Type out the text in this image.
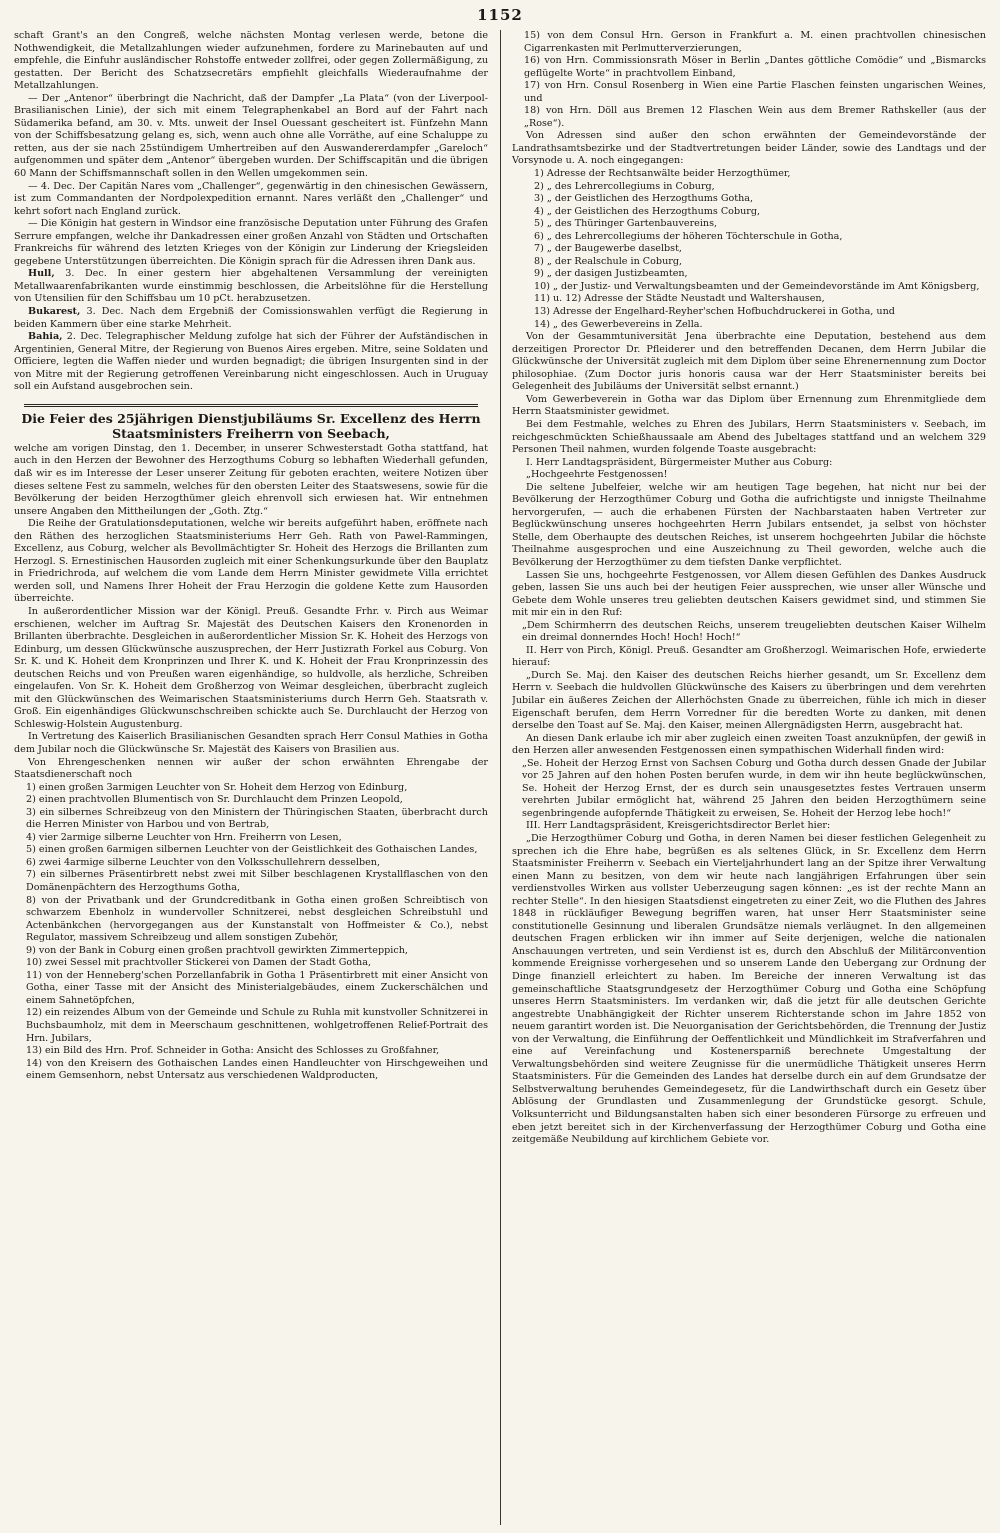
1152

schaft Grant's an den Congreß, welche nächsten Montag verlesen werde, betone die Nothwendigkeit, die Metallzahlungen wieder aufzunehmen, fordere zu Marinebauten auf und empfehle, die Einfuhr ausländischer Rohstoffe entweder zollfrei, oder gegen Zollermäßigung, zu gestatten. Der Bericht des Schatzsecretärs empfiehlt gleichfalls Wiederaufnahme der Metallzahlungen.

— Der „Antenor“ überbringt die Nachricht, daß der Dampfer „La Plata“ (von der Liverpool-Brasilianischen Linie), der sich mit einem Telegraphenkabel an Bord auf der Fahrt nach Südamerika befand, am 30. v. Mts. unweit der Insel Ouessant gescheitert ist. Fünfzehn Mann von der Schiffsbesatzung gelang es, sich, wenn auch ohne alle Vorräthe, auf eine Schaluppe zu retten, aus der sie nach 25stündigem Umhertreiben auf den Auswandererdampfer „Gareloch“ aufgenommen und später dem „Antenor“ übergeben wurden. Der Schiffscapitän und die übrigen 60 Mann der Schiffsmannschaft sollen in den Wellen umgekommen sein.

— 4. Dec. Der Capitän Nares vom „Challenger“, gegenwärtig in den chinesischen Gewässern, ist zum Commandanten der Nordpolexpedition ernannt. Nares verläßt den „Challenger“ und kehrt sofort nach England zurück.

— Die Königin hat gestern in Windsor eine französische Deputation unter Führung des Grafen Serrure empfangen, welche ihr Dankadressen einer großen Anzahl von Städten und Ortschaften Frankreichs für während des letzten Krieges von der Königin zur Linderung der Kriegsleiden gegebene Unterstützungen überreichten. Die Königin sprach für die Adressen ihren Dank aus.

Hull, 3. Dec. In einer gestern hier abgehaltenen Versammlung der vereinigten Metallwaarenfabrikanten wurde einstimmig beschlossen, die Arbeitslöhne für die Herstellung von Utensilien für den Schiffsbau um 10 pCt. herabzusetzen.

Bukarest, 3. Dec. Nach dem Ergebniß der Comissionswahlen verfügt die Regierung in beiden Kammern über eine starke Mehrheit.

Bahia, 2. Dec. Telegraphischer Meldung zufolge hat sich der Führer der Aufständischen in Argentinien, General Mitre, der Regierung von Buenos Aires ergeben. Mitre, seine Soldaten und Officiere, legten die Waffen nieder und wurden begnadigt; die übrigen Insurgenten sind in der von Mitre mit der Regierung getroffenen Vereinbarung nicht eingeschlossen. Auch in Uruguay soll ein Aufstand ausgebrochen sein.

Die Feier des 25jährigen Dienstjubiläums Sr. Excellenz des Herrn Staatsministers Freiherrn von Seebach,

welche am vorigen Dinstag, den 1. December, in unserer Schwesterstadt Gotha stattfand, hat auch in den Herzen der Bewohner des Herzogthums Coburg so lebhaften Wiederhall gefunden, daß wir es im Interesse der Leser unserer Zeitung für geboten erachten, weitere Notizen über dieses seltene Fest zu sammeln, welches für den obersten Leiter des Staatswesens, sowie für die Bevölkerung der beiden Herzogthümer gleich ehrenvoll sich erwiesen hat. Wir entnehmen unsere Angaben den Mittheilungen der „Goth. Ztg.“

Die Reihe der Gratulationsdeputationen, welche wir bereits aufgeführt haben, eröffnete nach den Räthen des herzoglichen Staatsministeriums Herr Geh. Rath von Pawel-Rammingen, Excellenz, aus Coburg, welcher als Bevollmächtigter Sr. Hoheit des Herzogs die Brillanten zum Herzogl. S. Ernestinischen Hausorden zugleich mit einer Schenkungsurkunde über den Bauplatz in Friedrichroda, auf welchem die vom Lande dem Herrn Minister gewidmete Villa errichtet werden soll, und Namens Ihrer Hoheit der Frau Herzogin die goldene Kette zum Hausorden überreichte.

In außerordentlicher Mission war der Königl. Preuß. Gesandte Frhr. v. Pirch aus Weimar erschienen, welcher im Auftrag Sr. Majestät des Deutschen Kaisers den Kronenorden in Brillanten überbrachte. Desgleichen in außerordentlicher Mission Sr. K. Hoheit des Herzogs von Edinburg, um dessen Glückwünsche auszusprechen, der Herr Justizrath Forkel aus Coburg. Von Sr. K. und K. Hoheit dem Kronprinzen und Ihrer K. und K. Hoheit der Frau Kronprinzessin des deutschen Reichs und von Preußen waren eigenhändige, so huldvolle, als herzliche, Schreiben eingelaufen. Von Sr. K. Hoheit dem Großherzog von Weimar desgleichen, überbracht zugleich mit den Glückwünschen des Weimarischen Staatsministeriums durch Herrn Geh. Staatsrath v. Groß. Ein eigenhändiges Glückwunschschreiben schickte auch Se. Durchlaucht der Herzog von Schleswig-Holstein Augustenburg.

In Vertretung des Kaiserlich Brasilianischen Gesandten sprach Herr Consul Mathies in Gotha dem Jubilar noch die Glückwünsche Sr. Majestät des Kaisers von Brasilien aus.

Von Ehrengeschenken nennen wir außer der schon erwähnten Ehrengabe der Staatsdienerschaft noch

1) einen großen 3armigen Leuchter von Sr. Hoheit dem Herzog von Edinburg,

2) einen prachtvollen Blumentisch von Sr. Durchlaucht dem Prinzen Leopold,

3) ein silbernes Schreibzeug von den Ministern der Thüringischen Staaten, überbracht durch die Herren Minister von Harbou und von Bertrab,

4) vier 2armige silberne Leuchter von Hrn. Freiherrn von Lesen,

5) einen großen 6armigen silbernen Leuchter von der Geistlichkeit des Gothaischen Landes,

6) zwei 4armige silberne Leuchter von den Volksschullehrern desselben,

7) ein silbernes Präsentirbrett nebst zwei mit Silber beschlagenen Krystallflaschen von den Domänenpächtern des Herzogthums Gotha,

8) von der Privatbank und der Grundcreditbank in Gotha einen großen Schreibtisch von schwarzem Ebenholz in wundervoller Schnitzerei, nebst desgleichen Schreibstuhl und Actenbänkchen (hervorgegangen aus der Kunstanstalt von Hoffmeister & Co.), nebst Regulator, massivem Schreibzeug und allem sonstigen Zubehör,

9) von der Bank in Coburg einen großen prachtvoll gewirkten Zimmerteppich,

10) zwei Sessel mit prachtvoller Stickerei von Damen der Stadt Gotha,

11) von der Henneberg'schen Porzellanfabrik in Gotha 1 Präsentirbrett mit einer Ansicht von Gotha, einer Tasse mit der Ansicht des Ministerialgebäudes, einem Zuckerschälchen und einem Sahnetöpfchen,

12) ein reizendes Album von der Gemeinde und Schule zu Ruhla mit kunstvoller Schnitzerei in Buchsbaumholz, mit dem in Meerschaum geschnittenen, wohlgetroffenen Relief-Portrait des Hrn. Jubilars,

13) ein Bild des Hrn. Prof. Schneider in Gotha: Ansicht des Schlosses zu Großfahner,

14) von den Kreisern des Gothaischen Landes einen Handleuchter von Hirschgeweihen und einem Gemsenhorn, nebst Untersatz aus verschiedenen Waldproducten,

15) von dem Consul Hrn. Gerson in Frankfurt a. M. einen prachtvollen chinesischen Cigarrenkasten mit Perlmutterverzierungen,

16) von Hrn. Commissionsrath Möser in Berlin „Dantes göttliche Comödie“ und „Bismarcks geflügelte Worte“ in prachtvollem Einband,

17) von Hrn. Consul Rosenberg in Wien eine Partie Flaschen feinsten ungarischen Weines, und

18) von Hrn. Döll aus Bremen 12 Flaschen Wein aus dem Bremer Rathskeller (aus der „Rose“).

Von Adressen sind außer den schon erwähnten der Gemeindevorstände der Landrathsamtsbezirke und der Stadtvertretungen beider Länder, sowie des Landtags und der Vorsynode u. A. noch eingegangen:

1) Adresse der Rechtsanwälte beider Herzogthümer,

2) „ des Lehrercollegiums in Coburg,

3) „ der Geistlichen des Herzogthums Gotha,

4) „ der Geistlichen des Herzogthums Coburg,

5) „ des Thüringer Gartenbauvereins,

6) „ des Lehrercollegiums der höheren Töchterschule in Gotha,

7) „ der Baugewerbe daselbst,

8) „ der Realschule in Coburg,

9) „ der dasigen Justizbeamten,

10) „ der Justiz- und Verwaltungsbeamten und der Gemeindevorstände im Amt Königsberg,

11) u. 12) Adresse der Städte Neustadt und Waltershausen,

13) Adresse der Engelhard-Reyher'schen Hofbuchdruckerei in Gotha, und

14) „ des Gewerbevereins in Zella.

Von der Gesammtuniversität Jena überbrachte eine Deputation, bestehend aus dem derzeitigen Prorector Dr. Pfleiderer und den betreffenden Decanen, dem Herrn Jubilar die Glückwünsche der Universität zugleich mit dem Diplom über seine Ehrenernennung zum Doctor philosophiae. (Zum Doctor juris honoris causa war der Herr Staatsminister bereits bei Gelegenheit des Jubiläums der Universität selbst ernannt.)

Vom Gewerbeverein in Gotha war das Diplom über Ernennung zum Ehrenmitgliede dem Herrn Staatsminister gewidmet.

Bei dem Festmahle, welches zu Ehren des Jubilars, Herrn Staatsministers v. Seebach, im reichgeschmückten Schießhaussaale am Abend des Jubeltages stattfand und an welchem 329 Personen Theil nahmen, wurden folgende Toaste ausgebracht:

I. Herr Landtagspräsident, Bürgermeister Muther aus Coburg:

„Hochgeehrte Festgenossen!

Die seltene Jubelfeier, welche wir am heutigen Tage begehen, hat nicht nur bei der Bevölkerung der Herzogthümer Coburg und Gotha die aufrichtigste und innigste Theilnahme hervorgerufen, — auch die erhabenen Fürsten der Nachbarstaaten haben Vertreter zur Beglückwünschung unseres hochgeehrten Herrn Jubilars entsendet, ja selbst von höchster Stelle, dem Oberhaupte des deutschen Reiches, ist unserem hochgeehrten Jubilar die höchste Theilnahme ausgesprochen und eine Auszeichnung zu Theil geworden, welche auch die Bevölkerung der Herzogthümer zu dem tiefsten Danke verpflichtet.

Lassen Sie uns, hochgeehrte Festgenossen, vor Allem diesen Gefühlen des Dankes Ausdruck geben, lassen Sie uns auch bei der heutigen Feier aussprechen, wie unser aller Wünsche und Gebete dem Wohle unseres treu geliebten deutschen Kaisers gewidmet sind, und stimmen Sie mit mir ein in den Ruf:

„Dem Schirmherrn des deutschen Reichs, unserem treugeliebten deutschen Kaiser Wilhelm ein dreimal donnerndes Hoch! Hoch! Hoch!“

II. Herr von Pirch, Königl. Preuß. Gesandter am Großherzogl. Weimarischen Hofe, erwiederte hierauf:

„Durch Se. Maj. den Kaiser des deutschen Reichs hierher gesandt, um Sr. Excellenz dem Herrn v. Seebach die huldvollen Glückwünsche des Kaisers zu überbringen und dem verehrten Jubilar ein äußeres Zeichen der Allerhöchsten Gnade zu überreichen, fühle ich mich in dieser Eigenschaft berufen, dem Herrn Vorredner für die beredten Worte zu danken, mit denen derselbe den Toast auf Se. Maj. den Kaiser, meinen Allergnädigsten Herrn, ausgebracht hat.

An diesen Dank erlaube ich mir aber zugleich einen zweiten Toast anzuknüpfen, der gewiß in den Herzen aller anwesenden Festgenossen einen sympathischen Widerhall finden wird:

„Se. Hoheit der Herzog Ernst von Sachsen Coburg und Gotha durch dessen Gnade der Jubilar vor 25 Jahren auf den hohen Posten berufen wurde, in dem wir ihn heute beglückwünschen, Se. Hoheit der Herzog Ernst, der es durch sein unausgesetztes festes Vertrauen unserm verehrten Jubilar ermöglicht hat, während 25 Jahren den beiden Herzogthümern seine segenbringende aufopfernde Thätigkeit zu erweisen, Se. Hoheit der Herzog lebe hoch!“

III. Herr Landtagspräsident, Kreisgerichtsdirector Berlet hier:

„Die Herzogthümer Coburg und Gotha, in deren Namen bei dieser festlichen Gelegenheit zu sprechen ich die Ehre habe, begrüßen es als seltenes Glück, in Sr. Excellenz dem Herrn Staatsminister Freiherrn v. Seebach ein Vierteljahrhundert lang an der Spitze ihrer Verwaltung einen Mann zu besitzen, von dem wir heute nach langjährigen Erfahrungen über sein verdienstvolles Wirken aus vollster Ueberzeugung sagen können: „es ist der rechte Mann an rechter Stelle“. In den hiesigen Staatsdienst eingetreten zu einer Zeit, wo die Fluthen des Jahres 1848 in rückläufiger Bewegung begriffen waren, hat unser Herr Staatsminister seine constitutionelle Gesinnung und liberalen Grundsätze niemals verläugnet. In den allgemeinen deutschen Fragen erblicken wir ihn immer auf Seite derjenigen, welche die nationalen Anschauungen vertreten, und sein Verdienst ist es, durch den Abschluß der Militärconvention kommende Ereignisse vorhergesehen und so unserem Lande den Uebergang zur Ordnung der Dinge finanziell erleichtert zu haben. Im Bereiche der inneren Verwaltung ist das gemeinschaftliche Staatsgrundgesetz der Herzogthümer Coburg und Gotha eine Schöpfung unseres Herrn Staatsministers. Im verdanken wir, daß die jetzt für alle deutschen Gerichte angestrebte Unabhängigkeit der Richter unserem Richterstande schon im Jahre 1852 von neuem garantirt worden ist. Die Neuorganisation der Gerichtsbehörden, die Trennung der Justiz von der Verwaltung, die Einführung der Oeffentlichkeit und Mündlichkeit im Strafverfahren und eine auf Vereinfachung und Kostenersparniß berechnete Umgestaltung der Verwaltungsbehörden sind weitere Zeugnisse für die unermüdliche Thätigkeit unseres Herrn Staatsministers. Für die Gemeinden des Landes hat derselbe durch ein auf dem Grundsatze der Selbstverwaltung beruhendes Gemeindegesetz, für die Landwirthschaft durch ein Gesetz über Ablösung der Grundlasten und Zusammenlegung der Grundstücke gesorgt. Schule, Volksunterricht und Bildungsanstalten haben sich einer besonderen Fürsorge zu erfreuen und eben jetzt bereitet sich in der Kirchenverfassung der Herzogthümer Coburg und Gotha eine zeitgemäße Neubildung auf kirchlichem Gebiete vor.
